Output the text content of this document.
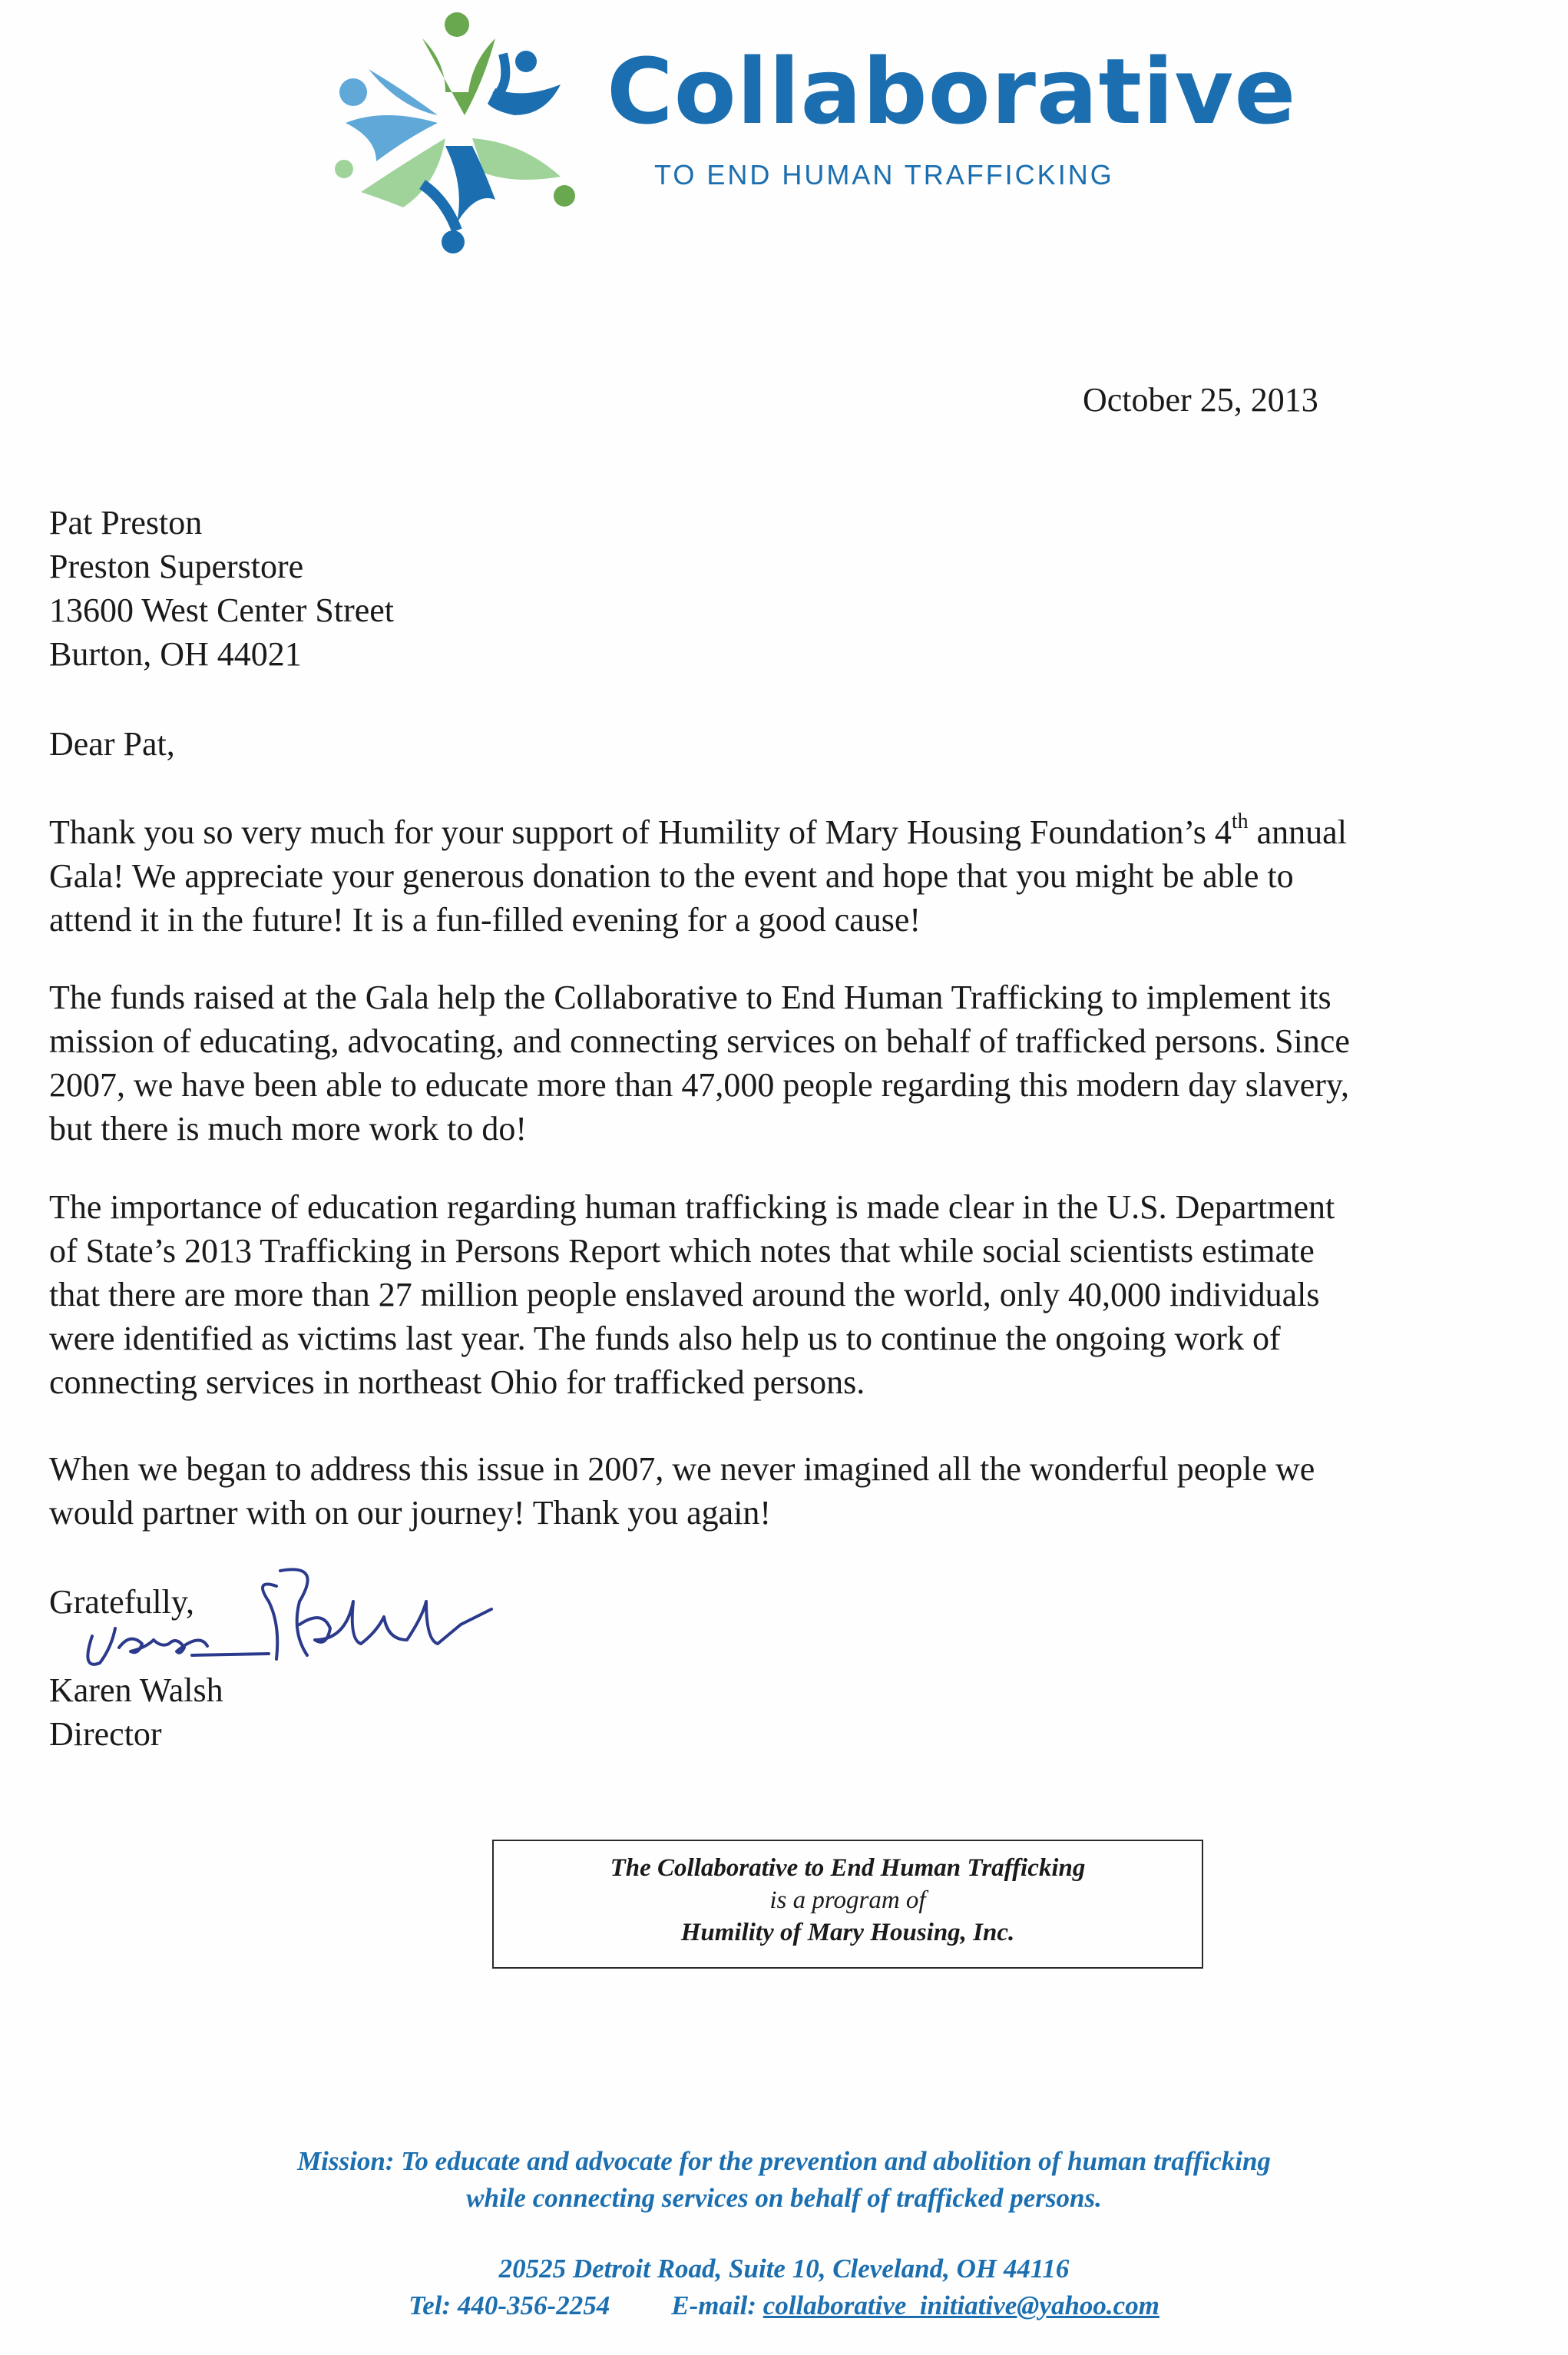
Collaborative
TO END HUMAN TRAFFICKING

October 25, 2013

Pat Preston
Preston Superstore
13600 West Center Street
Burton, OH 44021

Dear Pat,

Thank you so very much for your support of Humility of Mary Housing Foundation’s 4th annual
Gala! We appreciate your generous donation to the event and hope that you might be able to
attend it in the future! It is a fun-filled evening for a good cause!
The funds raised at the Gala help the Collaborative to End Human Trafficking to implement its
mission of educating, advocating, and connecting services on behalf of trafficked persons. Since
2007, we have been able to educate more than 47,000 people regarding this modern day slavery,
but there is much more work to do!
The importance of education regarding human trafficking is made clear in the U.S. Department
of State’s 2013 Trafficking in Persons Report which notes that while social scientists estimate
that there are more than 27 million people enslaved around the world, only 40,000 individuals
were identified as victims last year. The funds also help us to continue the ongoing work of
connecting services in northeast Ohio for trafficked persons.
When we began to address this issue in 2007, we never imagined all the wonderful people we
would partner with on our journey! Thank you again!

Gratefully,

Karen Walsh
Director
The Collaborative to End Human Trafficking
is a program of
Humility of Mary Housing, Inc.
Mission: To educate and advocate for the prevention and abolition of human trafficking
while connecting services on behalf of trafficked persons.
20525 Detroit Road, Suite 10, Cleveland, OH 44116
Tel: 440-356-2254 E-mail: collaborative_initiative@yahoo.com
